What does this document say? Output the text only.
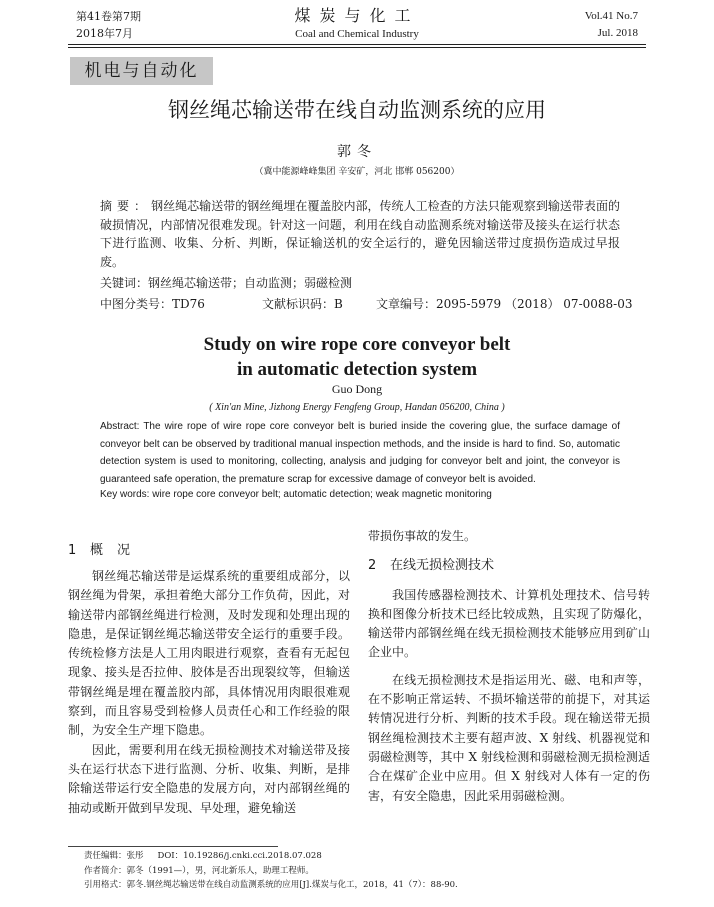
第41卷第7期
2018年7月
煤炭与化工
Coal and Chemical Industry
Vol.41 No.7
Jul. 2018
机电与自动化
钢丝绳芯输送带在线自动监测系统的应用
郭冬
（冀中能源峰峰集团 辛安矿，河北 邯郸 056200）
摘要：钢丝绳芯输送带的钢丝绳埋在覆盖胶内部，传统人工检查的方法只能观察到输送带表面的破损情况，内部情况很难发现。针对这一问题，利用在线自动监测系统对输送带及接头在运行状态下进行监测、收集、分析、判断，保证输送机的安全运行的，避免因输送带过度损伤造成过早报废。
关键词：钢丝绳芯输送带；自动监测；弱磁检测
中图分类号：TD76	文献标识码：B	文章编号：2095-5979 （2018） 07-0088-03
Study on wire rope core conveyor belt
in automatic detection system
Guo Dong
( Xin'an Mine, Jizhong Energy Fengfeng Group, Handan 056200, China )
Abstract: The wire rope of wire rope core conveyor belt is buried inside the covering glue, the surface damage of conveyor belt can be observed by traditional manual inspection methods, and the inside is hard to find. So, automatic detection system is used to monitoring, collecting, analysis and judging for conveyor belt and joint, the conveyor is guaranteed safe operation, the premature scrap for excessive damage of conveyor belt is avoided.
Key words: wire rope core conveyor belt; automatic detection; weak magnetic monitoring

1 概况

钢丝绳芯输送带是运煤系统的重要组成部分，以钢丝绳为骨架，承担着绝大部分工作负荷，因此，对输送带内部钢丝绳进行检测，及时发现和处理出现的隐患，是保证钢丝绳芯输送带安全运行的重要手段。传统检修方法是人工用肉眼进行观察，查看有无起包现象、接头是否拉伸、胶体是否出现裂纹等，但输送带钢丝绳是埋在覆盖胶内部，具体情况用肉眼很难观察到，而且容易受到检修人员责任心和工作经验的限制，为安全生产埋下隐患。

因此，需要利用在线无损检测技术对输送带及接头在运行状态下进行监测、分析、收集、判断，是排除输送带运行安全隐患的发展方向，对内部钢丝绳的抽动或断开做到早发现、早处理，避免输送

带损伤事故的发生。

2 在线无损检测技术

我国传感器检测技术、计算机处理技术、信号转换和图像分析技术已经比较成熟，且实现了防爆化，输送带内部钢丝绳在线无损检测技术能够应用到矿山企业中。

在线无损检测技术是指运用光、磁、电和声等，在不影响正常运转、不损坏输送带的前提下，对其运转情况进行分析、判断的技术手段。现在输送带无损钢丝绳检测技术主要有超声波、X 射线、机器视觉和弱磁检测等，其中 X 射线检测和弱磁检测无损检测适合在煤矿企业中应用。但 X 射线对人体有一定的伤害，有安全隐患，因此采用弱磁检测。

责任编辑：张彤 DOI：10.19286/j.cnki.cci.2018.07.028
作者简介：郭冬（1991—），男，河北新乐人，助理工程师。
引用格式：郭冬.钢丝绳芯输送带在线自动监测系统的应用[J].煤炭与化工，2018，41（7）：88-90.
